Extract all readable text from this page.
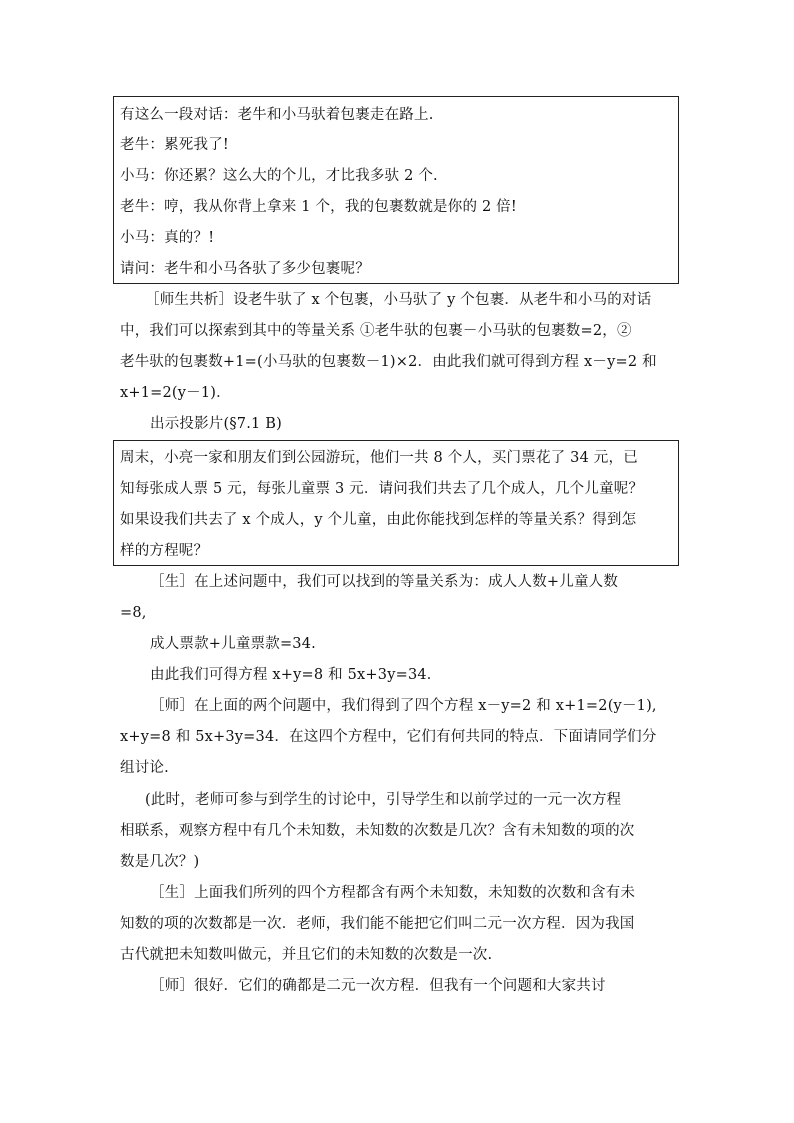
有这么一段对话：老牛和小马驮着包裹走在路上.
老牛：累死我了!
小马：你还累？这么大的个儿，才比我多驮 2 个.
老牛：哼，我从你背上拿来 1 个，我的包裹数就是你的 2 倍!
小马：真的？!
请问：老牛和小马各驮了多少包裹呢？
［师生共析］设老牛驮了 x 个包裹，小马驮了 y 个包裹．从老牛和小马的对话
中，我们可以探索到其中的等量关系 ①老牛驮的包裹－小马驮的包裹数=2，②
老牛驮的包裹数+1=(小马驮的包裹数－1)×2．由此我们就可得到方程 x－y=2 和
x+1=2(y－1)．
出示投影片(§7.1 B)
周末，小亮一家和朋友们到公园游玩，他们一共 8 个人，买门票花了 34 元，已
知每张成人票 5 元，每张儿童票 3 元．请问我们共去了几个成人，几个儿童呢？
如果设我们共去了 x 个成人，y 个儿童，由此你能找到怎样的等量关系？得到怎
样的方程呢？
［生］在上述问题中，我们可以找到的等量关系为：成人人数+儿童人数
=8,
成人票款+儿童票款=34.
由此我们可得方程 x+y=8 和 5x+3y=34．
［师］在上面的两个问题中，我们得到了四个方程 x－y=2 和 x+1=2(y－1),
x+y=8 和 5x+3y=34．在这四个方程中，它们有何共同的特点．下面请同学们分
组讨论.
(此时，老师可参与到学生的讨论中，引导学生和以前学过的一元一次方程
相联系，观察方程中有几个未知数，未知数的次数是几次？含有未知数的项的次
数是几次？)
［生］上面我们所列的四个方程都含有两个未知数，未知数的次数和含有未
知数的项的次数都是一次．老师，我们能不能把它们叫二元一次方程．因为我国
古代就把未知数叫做元，并且它们的未知数的次数是一次.
［师］很好．它们的确都是二元一次方程．但我有一个问题和大家共讨
